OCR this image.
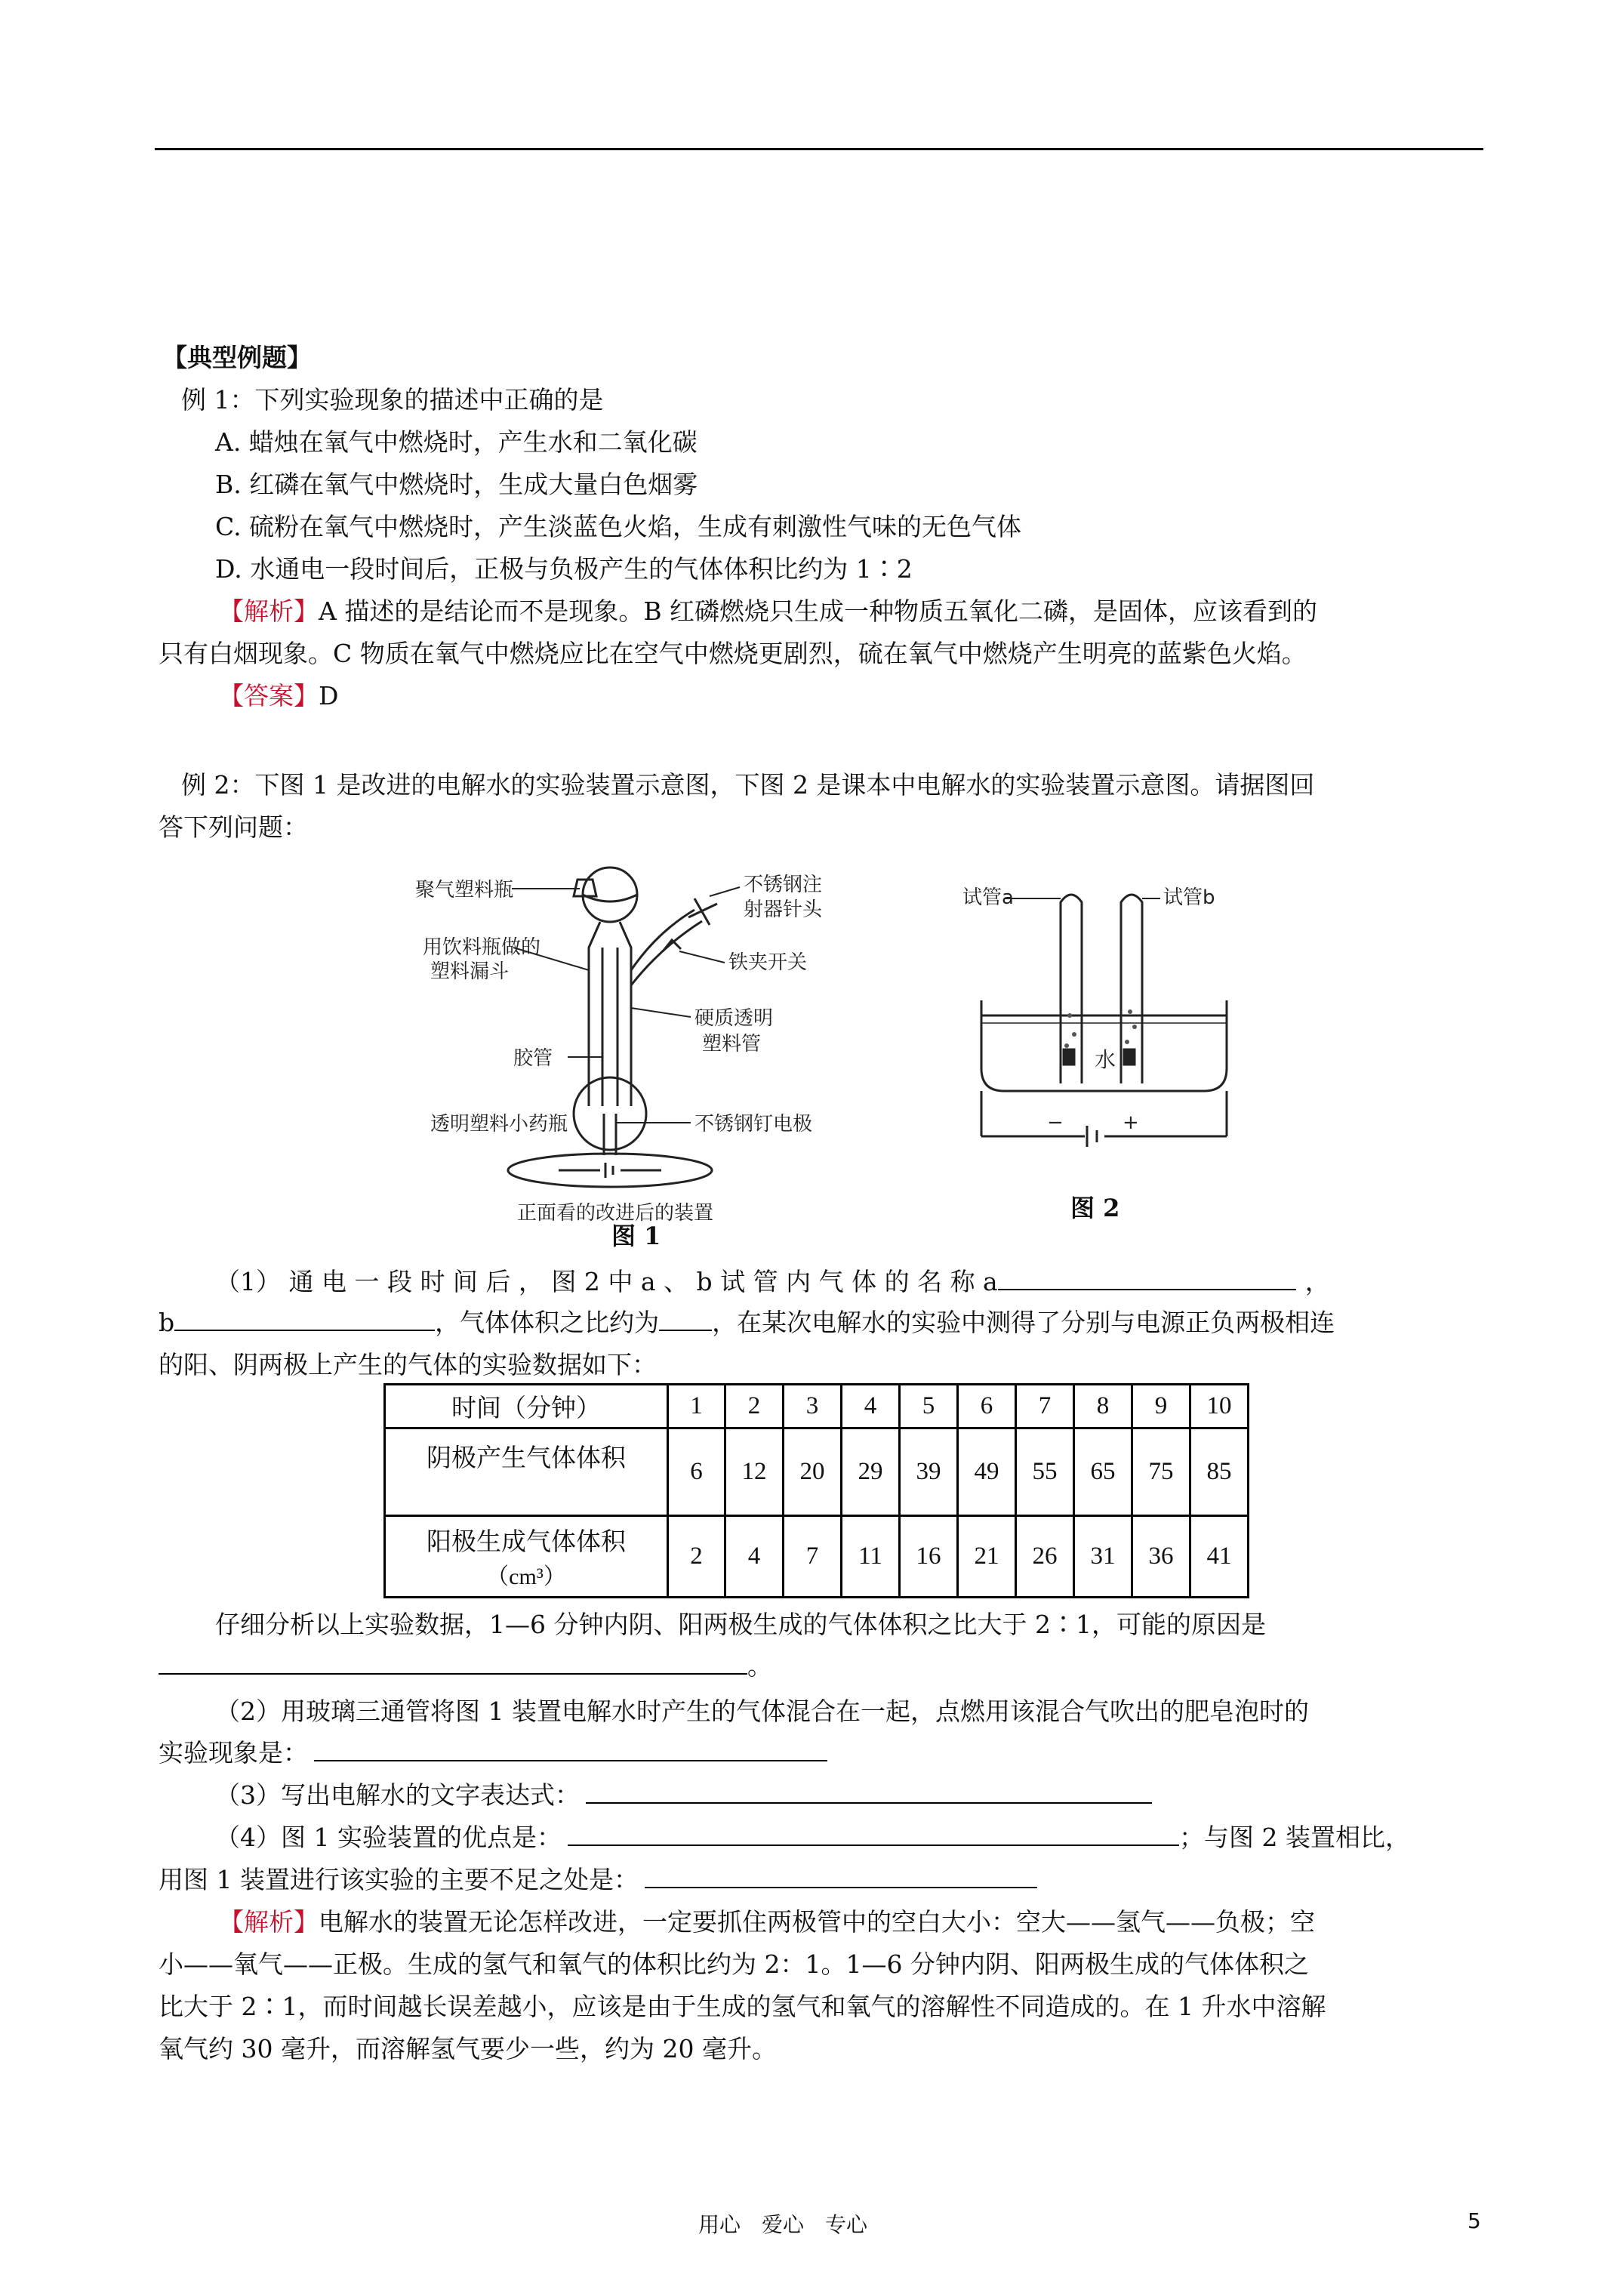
【典型例题】
例 1：下列实验现象的描述中正确的是
A. 蜡烛在氧气中燃烧时，产生水和二氧化碳
B. 红磷在氧气中燃烧时，生成大量白色烟雾
C. 硫粉在氧气中燃烧时，产生淡蓝色火焰，生成有刺激性气味的无色气体
D. 水通电一段时间后，正极与负极产生的气体体积比约为 1∶2
【解析】A 描述的是结论而不是现象。B 红磷燃烧只生成一种物质五氧化二磷，是固体，应该看到的
只有白烟现象。C 物质在氧气中燃烧应比在空气中燃烧更剧烈，硫在氧气中燃烧产生明亮的蓝紫色火焰。
【答案】D
例 2：下图 1 是改进的电解水的实验装置示意图，下图 2 是课本中电解水的实验装置示意图。请据图回
答下列问题：
聚气塑料瓶
用饮料瓶做的
塑料漏斗
胶管
透明塑料小药瓶
不锈钢注
射器针头
铁夹开关
硬质透明
塑料管
不锈钢钉电极
正面看的改进后的装置
图 1
试管a	试管b
水
−	+
图 2
（1） 通 电 一 段 时 间 后 ， 图 2 中 a 、 b 试 管 内 气 体 的 名 称 a	，
b	，气体体积之比约为 ，在某次电解水的实验中测得了分别与电源正负两极相连
的阳、阴两极上产生的气体的实验数据如下：
时间（分钟）	1	2	3	4	5	6	7	8	9	10
阴极产生气体体积	6	12	20	29	39	49	55	65	75	85

阳极生成气体体积
（cm³）	2	4	7	11	16	21	26	31	36	41
仔细分析以上实验数据，1—6 分钟内阴、阳两极生成的气体体积之比大于 2∶1，可能的原因是
。
（2）用玻璃三通管将图 1 装置电解水时产生的气体混合在一起，点燃用该混合气吹出的肥皂泡时的
实验现象是：
（3）写出电解水的文字表达式：
（4）图 1 实验装置的优点是：	；与图 2 装置相比，
用图 1 装置进行该实验的主要不足之处是：
【解析】电解水的装置无论怎样改进，一定要抓住两极管中的空白大小：空大——氢气——负极；空
小——氧气——正极。生成的氢气和氧气的体积比约为 2：1。1—6 分钟内阴、阳两极生成的气体体积之
比大于 2∶1，而时间越长误差越小，应该是由于生成的氢气和氧气的溶解性不同造成的。在 1 升水中溶解
氧气约 30 毫升，而溶解氢气要少一些，约为 20 毫升。
用心　爱心　专心	5
